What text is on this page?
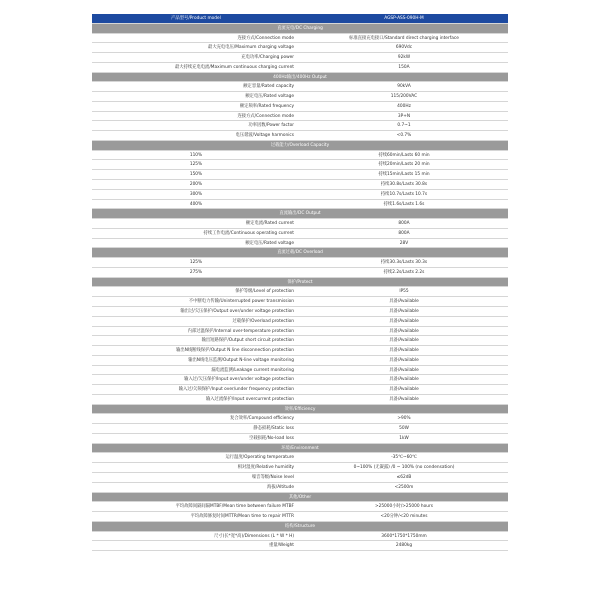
产品型号/Product model	AGSP-ASS-090H-M
直流充电/DC Charging
连接方式/Connection mode	标准直接充电接口/Standard direct charging interface
最大充电电压/Maximum charging voltage	690Vdc
充电功率/Charging power	92kW
最大持续充电电流/Maximum continuous charging current	150A
400Hz输出/400Hz Output
额定容量/Rated capacity	90kVA
额定电压/Rated voltage	115/200VAC
额定频率/Rated frequency	400Hz
连接方式/Connection mode	3P+N
功率因数/Power factor	0.7~1
电压谐波/Voltage harmonics	<0.7%
过载能力/Overload Capacity
110%	持续60min/Lasts 60 min
125%	持续20min/Lasts 20 min
150%	持续15min/Lasts 15 min
200%	持续30.8s/Lasts 30.8s
300%	持续10.7s/Lasts 10.7s
400%	持续1.6s/Lasts 1.6s
直流输出/DC Output
额定电流/Rated current	800A
持续工作电流/Continuous operating current	800A
额定电压/Rated voltage	28V
直流过载/DC Overload
125%	持续30.3s/Lasts 30.3s
275%	持续2.2s/Lasts 2.2s
保护/Protect
保护等级/Level of protection	IP55
不中断电力传输/Uninterrupted power transmission	具备/Available
输出过/欠压保护/Output over/under voltage protection	具备/Available
过载保护/Overload protection	具备/Available
内部过温保护/Internal over-temperature protection	具备/Available
输出短路保护/Output short circuit protection	具备/Available
输出N线断线保护/Output N line disconnection protection	具备/Available
输出N线电压监测/Output N-line voltage monitoring	具备/Available
漏电流监测/Leakage current monitoring	具备/Available
输入过/欠压保护/Input over/under voltage protection	具备/Available
输入过/欠频保护/Input over/under frequency protection	具备/Available
输入过流保护/Input overcurrent protection	具备/Available
效率/Efficiency
复合效率/Compound efficiency	>90%
静态损耗/Static loss	50W
空载损耗/No-load loss	1kW
环境/Environment
运行温度/Operating temperature	-35℃~60℃
相对湿度/Relative humidity	0~100% (无凝露) /0 ~ 100% (no condensation)
噪音等级/Noise level	≤62dB
海拔/Altitude	<2500m
其他/Other
平均故障间隔间隔MTBF/Mean time between failure MTBF	>25000小时/>25000 hours
平均故障修复时间MTTR/Mean time to repair MTTR	<20分钟/<20 minutes
结构/Structure
尺寸(长*宽*高)/Dimensions (L * W * H)	3600*1750*1750mm
重量/Weight	2480kg
